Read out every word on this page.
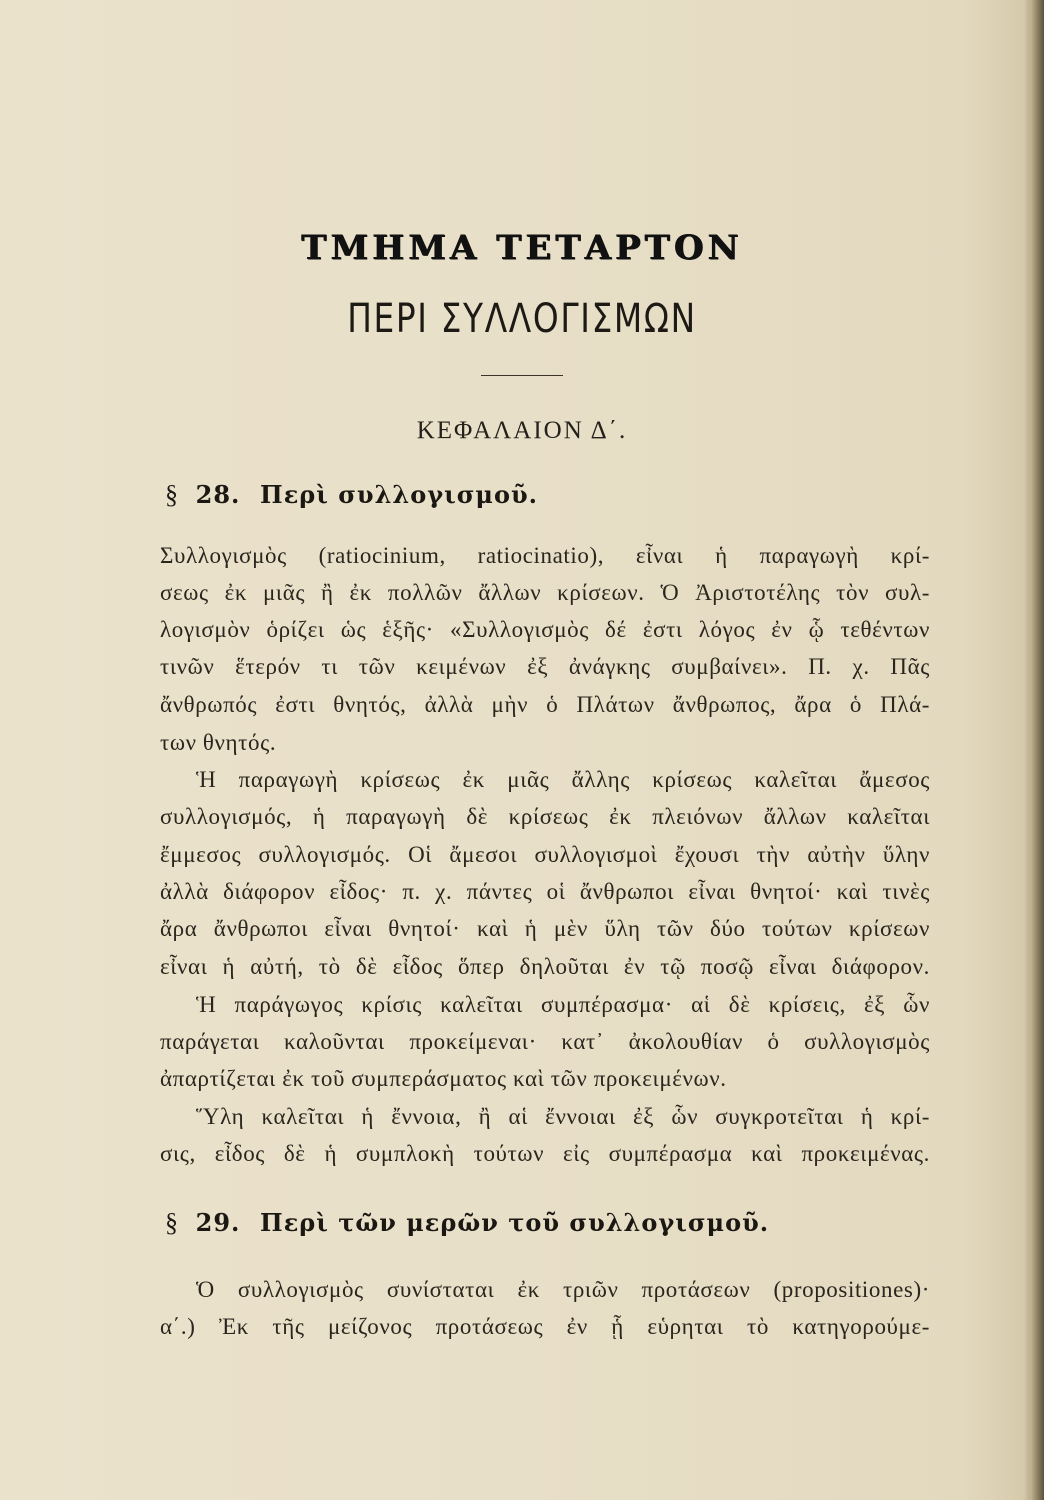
ΤΜΗΜΑ ΤΕΤΑΡΤΟΝ
ΠΕΡΙ ΣΥΛΛΟΓΙΣΜΩΝ
ΚΕΦΑΛΑΙΟΝ Δ΄.
§ 28. Περὶ συλλογισμοῦ.
Συλλογισμὸς (ratiocinium, ratiocinatio), εἶναι ἡ παραγωγὴ κρί-
σεως ἐκ μιᾶς ἢ ἐκ πολλῶν ἄλλων κρίσεων. Ὁ Ἀριστοτέλης τὸν συλ-
λογισμὸν ὁρίζει ὡς ἑξῆς· «Συλλογισμὸς δέ ἐστι λόγος ἐν ᾧ τεθέντων
τινῶν ἕτερόν τι τῶν κειμένων ἐξ ἀνάγκης συμβαίνει». Π. χ. Πᾶς
ἄνθρωπός ἐστι θνητός, ἀλλὰ μὴν ὁ Πλάτων ἄνθρωπος, ἄρα ὁ Πλά-
των θνητός.
Ἡ παραγωγὴ κρίσεως ἐκ μιᾶς ἄλλης κρίσεως καλεῖται ἄμεσος
συλλογισμός, ἡ παραγωγὴ δὲ κρίσεως ἐκ πλειόνων ἄλλων καλεῖται
ἔμμεσος συλλογισμός. Οἱ ἄμεσοι συλλογισμοὶ ἔχουσι τὴν αὐτὴν ὕλην
ἀλλὰ διάφορον εἶδος· π. χ. πάντες οἱ ἄνθρωποι εἶναι θνητοί· καὶ τινὲς
ἄρα ἄνθρωποι εἶναι θνητοί· καὶ ἡ μὲν ὕλη τῶν δύο τούτων κρίσεων
εἶναι ἡ αὐτή, τὸ δὲ εἶδος ὅπερ δηλοῦται ἐν τῷ ποσῷ εἶναι διάφορον.
Ἡ παράγωγος κρίσις καλεῖται συμπέρασμα· αἱ δὲ κρίσεις, ἐξ ὧν
παράγεται καλοῦνται προκείμεναι· κατ᾽ ἀκολουθίαν ὁ συλλογισμὸς
ἀπαρτίζεται ἐκ τοῦ συμπεράσματος καὶ τῶν προκειμένων.
Ὕλη καλεῖται ἡ ἔννοια, ἢ αἱ ἔννοιαι ἐξ ὧν συγκροτεῖται ἡ κρί-
σις, εἶδος δὲ ἡ συμπλοκὴ τούτων εἰς συμπέρασμα καὶ προκειμένας.
§ 29. Περὶ τῶν μερῶν τοῦ συλλογισμοῦ.
Ὁ συλλογισμὸς συνίσταται ἐκ τριῶν προτάσεων (propositiones)·
α΄.) Ἐκ τῆς μείζονος προτάσεως ἐν ᾗ εὑρηται τὸ κατηγορούμε-
